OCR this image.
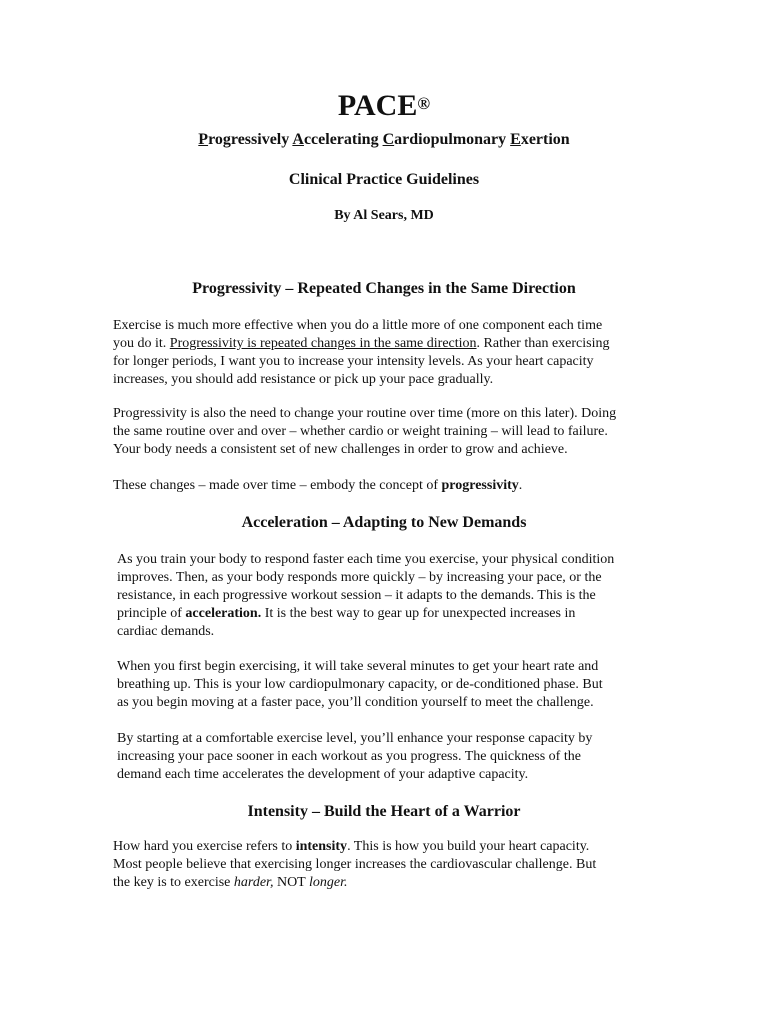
PACE®

Progressively Accelerating Cardiopulmonary Exertion

Clinical Practice Guidelines

By Al Sears, MD

Progressivity – Repeated Changes in the Same Direction

Exercise is much more effective when you do a little more of one component each time
you do it. Progressivity is repeated changes in the same direction. Rather than exercising
for longer periods, I want you to increase your intensity levels. As your heart capacity
increases, you should add resistance or pick up your pace gradually.

Progressivity is also the need to change your routine over time (more on this later). Doing
the same routine over and over – whether cardio or weight training – will lead to failure.
Your body needs a consistent set of new challenges in order to grow and achieve.

These changes – made over time – embody the concept of progressivity.

Acceleration – Adapting to New Demands

As you train your body to respond faster each time you exercise, your physical condition
improves. Then, as your body responds more quickly – by increasing your pace, or the
resistance, in each progressive workout session – it adapts to the demands. This is the
principle of acceleration. It is the best way to gear up for unexpected increases in
cardiac demands.

When you first begin exercising, it will take several minutes to get your heart rate and
breathing up. This is your low cardiopulmonary capacity, or de-conditioned phase. But
as you begin moving at a faster pace, you’ll condition yourself to meet the challenge.

By starting at a comfortable exercise level, you’ll enhance your response capacity by
increasing your pace sooner in each workout as you progress. The quickness of the
demand each time accelerates the development of your adaptive capacity.

Intensity – Build the Heart of a Warrior

How hard you exercise refers to intensity. This is how you build your heart capacity.
Most people believe that exercising longer increases the cardiovascular challenge. But
the key is to exercise harder, NOT longer.
